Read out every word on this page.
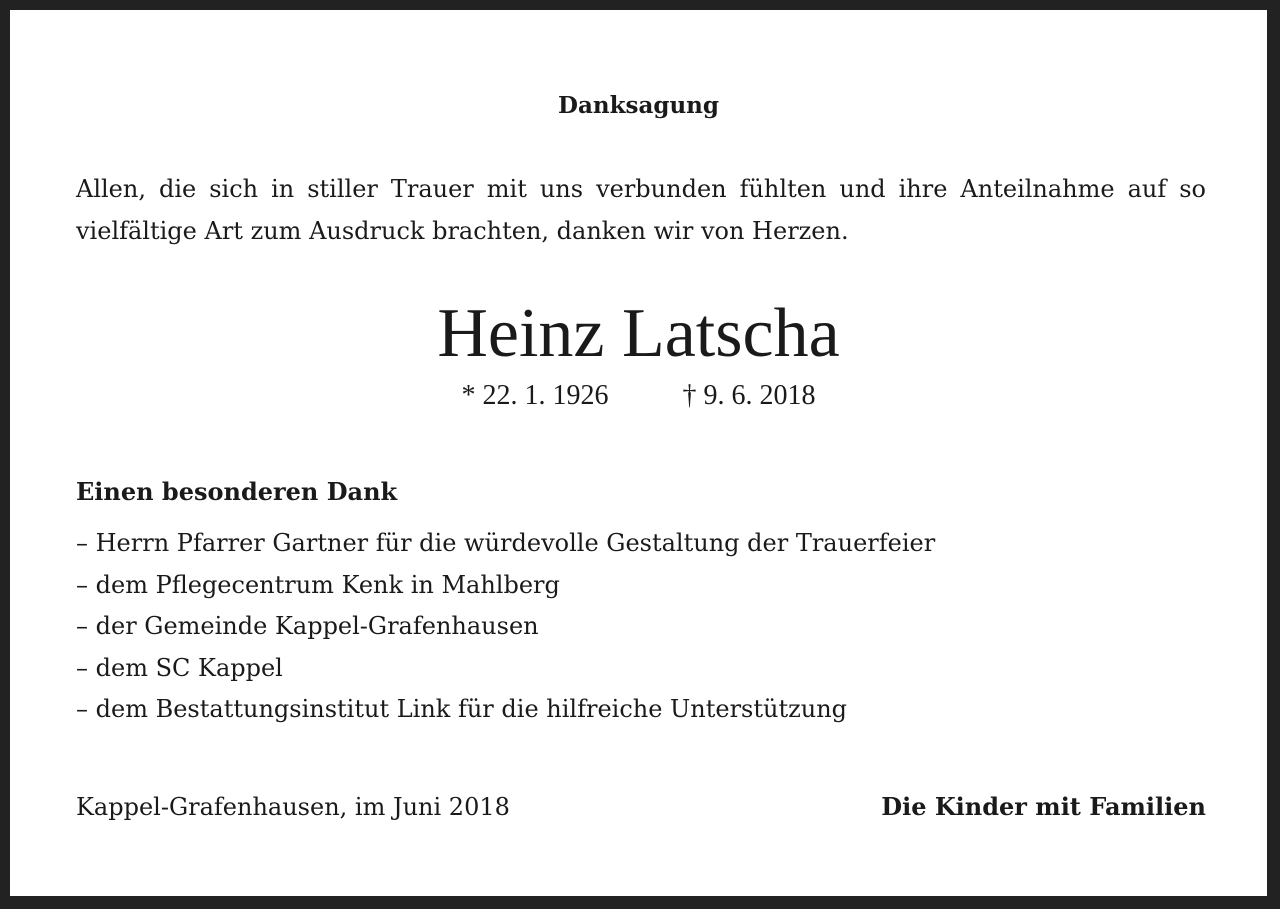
Danksagung
Allen, die sich in stiller Trauer mit uns verbunden fühlten und ihre Anteilnahme auf so vielfältige Art zum Ausdruck brachten, danken wir von Herzen.
Heinz Latscha
* 22. 1. 1926	† 9. 6. 2018
Einen besonderen Dank
– Herrn Pfarrer Gartner für die würdevolle Gestaltung der Trauerfeier
– dem Pflegecentrum Kenk in Mahlberg
– der Gemeinde Kappel-Grafenhausen
– dem SC Kappel
– dem Bestattungsinstitut Link für die hilfreiche Unterstützung
Kappel-Grafenhausen, im Juni 2018	Die Kinder mit Familien
